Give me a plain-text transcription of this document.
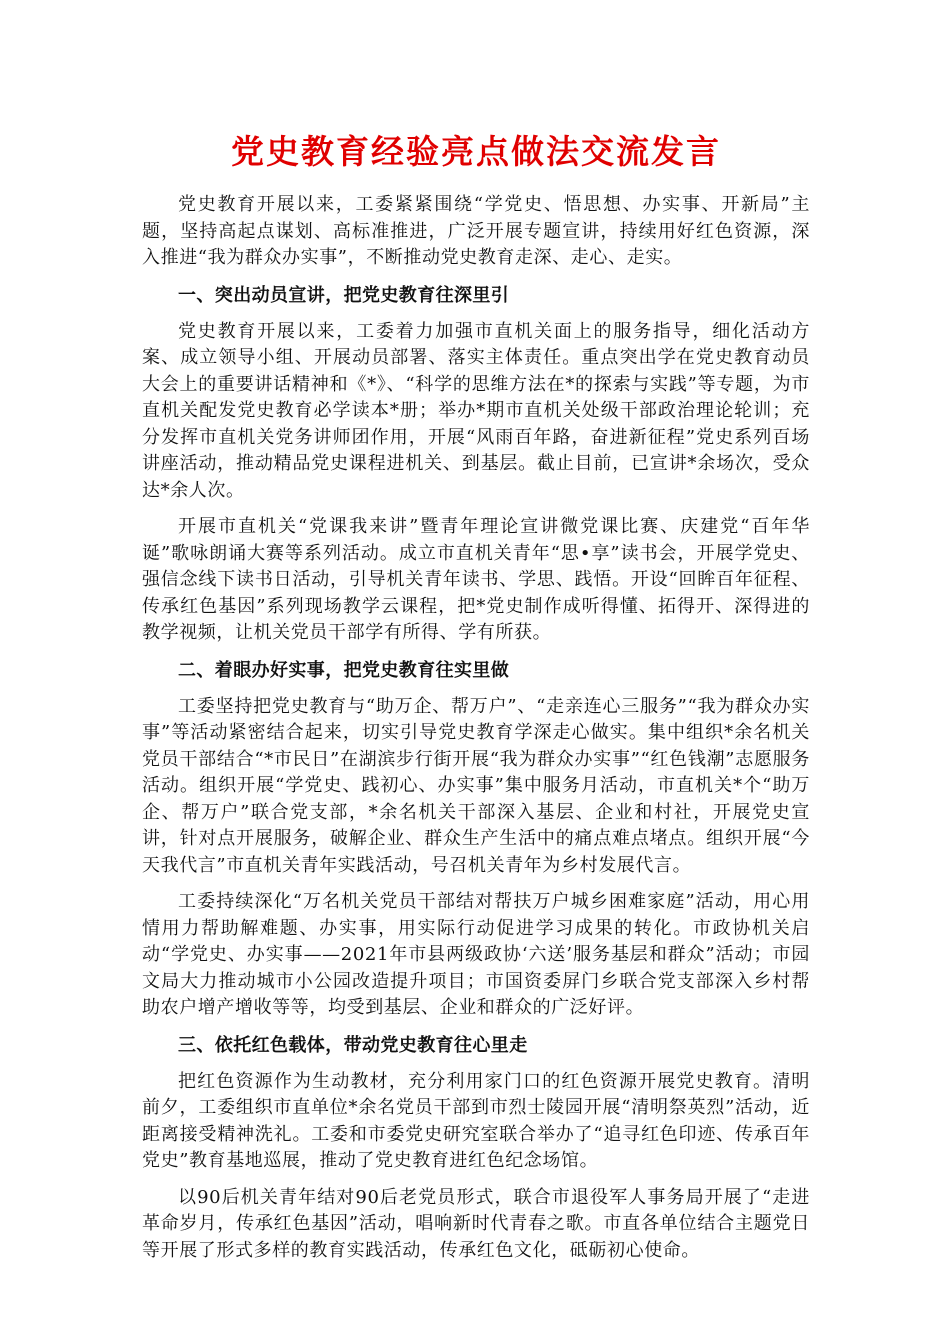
党史教育经验亮点做法交流发言

党史教育开展以来，工委紧紧围绕“学党史、悟思想、办实事、开新局”主题，坚持高起点谋划、高标准推进，广泛开展专题宣讲，持续用好红色资源，深入推进“我为群众办实事”，不断推动党史教育走深、走心、走实。

一、突出动员宣讲，把党史教育往深里引

党史教育开展以来，工委着力加强市直机关面上的服务指导，细化活动方案、成立领导小组、开展动员部署、落实主体责任。重点突出学在党史教育动员大会上的重要讲话精神和《*》、“科学的思维方法在*的探索与实践”等专题，为市直机关配发党史教育必学读本*册；举办*期市直机关处级干部政治理论轮训；充分发挥市直机关党务讲师团作用，开展“风雨百年路，奋进新征程”党史系列百场讲座活动，推动精品党史课程进机关、到基层。截止目前，已宣讲*余场次，受众达*余人次。

开展市直机关“党课我来讲”暨青年理论宣讲微党课比赛、庆建党“百年华诞”歌咏朗诵大赛等系列活动。成立市直机关青年“思•享”读书会，开展学党史、强信念线下读书日活动，引导机关青年读书、学思、践悟。开设“回眸百年征程、传承红色基因”系列现场教学云课程，把*党史制作成听得懂、拓得开、深得进的教学视频，让机关党员干部学有所得、学有所获。

二、着眼办好实事，把党史教育往实里做

工委坚持把党史教育与“助万企、帮万户”、“走亲连心三服务”“我为群众办实事”等活动紧密结合起来，切实引导党史教育学深走心做实。集中组织*余名机关党员干部结合“*市民日”在湖滨步行街开展“我为群众办实事”“红色钱潮”志愿服务活动。组织开展“学党史、践初心、办实事”集中服务月活动，市直机关*个“助万企、帮万户”联合党支部，*余名机关干部深入基层、企业和村社，开展党史宣讲，针对点开展服务，破解企业、群众生产生活中的痛点难点堵点。组织开展“今天我代言”市直机关青年实践活动，号召机关青年为乡村发展代言。

工委持续深化“万名机关党员干部结对帮扶万户城乡困难家庭”活动，用心用情用力帮助解难题、办实事，用实际行动促进学习成果的转化。市政协机关启动“学党史、办实事——2021年市县两级政协‘六送’服务基层和群众”活动；市园文局大力推动城市小公园改造提升项目；市国资委屏门乡联合党支部深入乡村帮助农户增产增收等等，均受到基层、企业和群众的广泛好评。

三、依托红色载体，带动党史教育往心里走

把红色资源作为生动教材，充分利用家门口的红色资源开展党史教育。清明前夕，工委组织市直单位*余名党员干部到市烈士陵园开展“清明祭英烈”活动，近距离接受精神洗礼。工委和市委党史研究室联合举办了“追寻红色印迹、传承百年党史”教育基地巡展，推动了党史教育进红色纪念场馆。

以90后机关青年结对90后老党员形式，联合市退役军人事务局开展了“走进革命岁月，传承红色基因”活动，唱响新时代青春之歌。市直各单位结合主题党日等开展了形式多样的教育实践活动，传承红色文化，砥砺初心使命。
